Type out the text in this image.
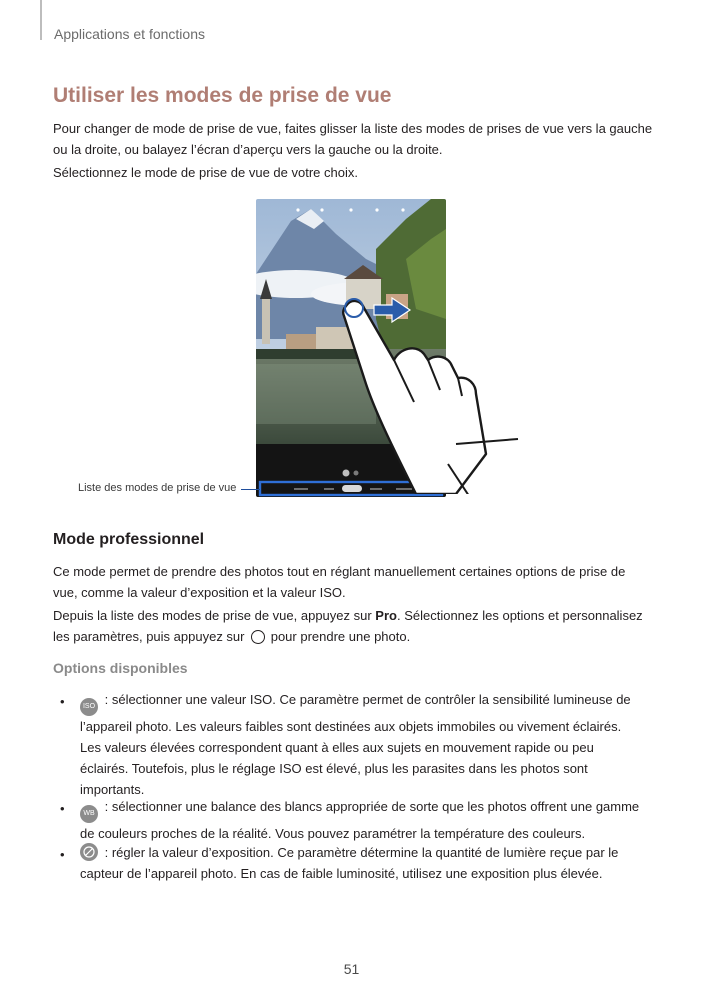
Applications et fonctions
Utiliser les modes de prise de vue

Pour changer de mode de prise de vue, faites glisser la liste des modes de prises de vue vers la gauche ou la droite, ou balayez l’écran d’aperçu vers la gauche ou la droite.

Sélectionnez le mode de prise de vue de votre choix.

Liste des modes de prise de vue
Mode professionnel

Ce mode permet de prendre des photos tout en réglant manuellement certaines options de prise de vue, comme la valeur d’exposition et la valeur ISO.

Depuis la liste des modes de prise de vue, appuyez sur Pro. Sélectionnez les options et personnalisez les paramètres, puis appuyez sur  pour prendre une photo.

Options disponibles
•	ISO : sélectionner une valeur ISO. Ce paramètre permet de contrôler la sensibilité lumineuse de l’appareil photo. Les valeurs faibles sont destinées aux objets immobiles ou vivement éclairés. Les valeurs élevées correspondent quant à elles aux sujets en mouvement rapide ou peu éclairés. Toutefois, plus le réglage ISO est élevé, plus les parasites dans les photos sont importants.

•	WB : sélectionner une balance des blancs appropriée de sorte que les photos offrent une gamme de couleurs proches de la réalité. Vous pouvez paramétrer la température des couleurs.

•	: régler la valeur d’exposition. Ce paramètre détermine la quantité de lumière reçue par le capteur de l’appareil photo. En cas de faible luminosité, utilisez une exposition plus élevée.

51
